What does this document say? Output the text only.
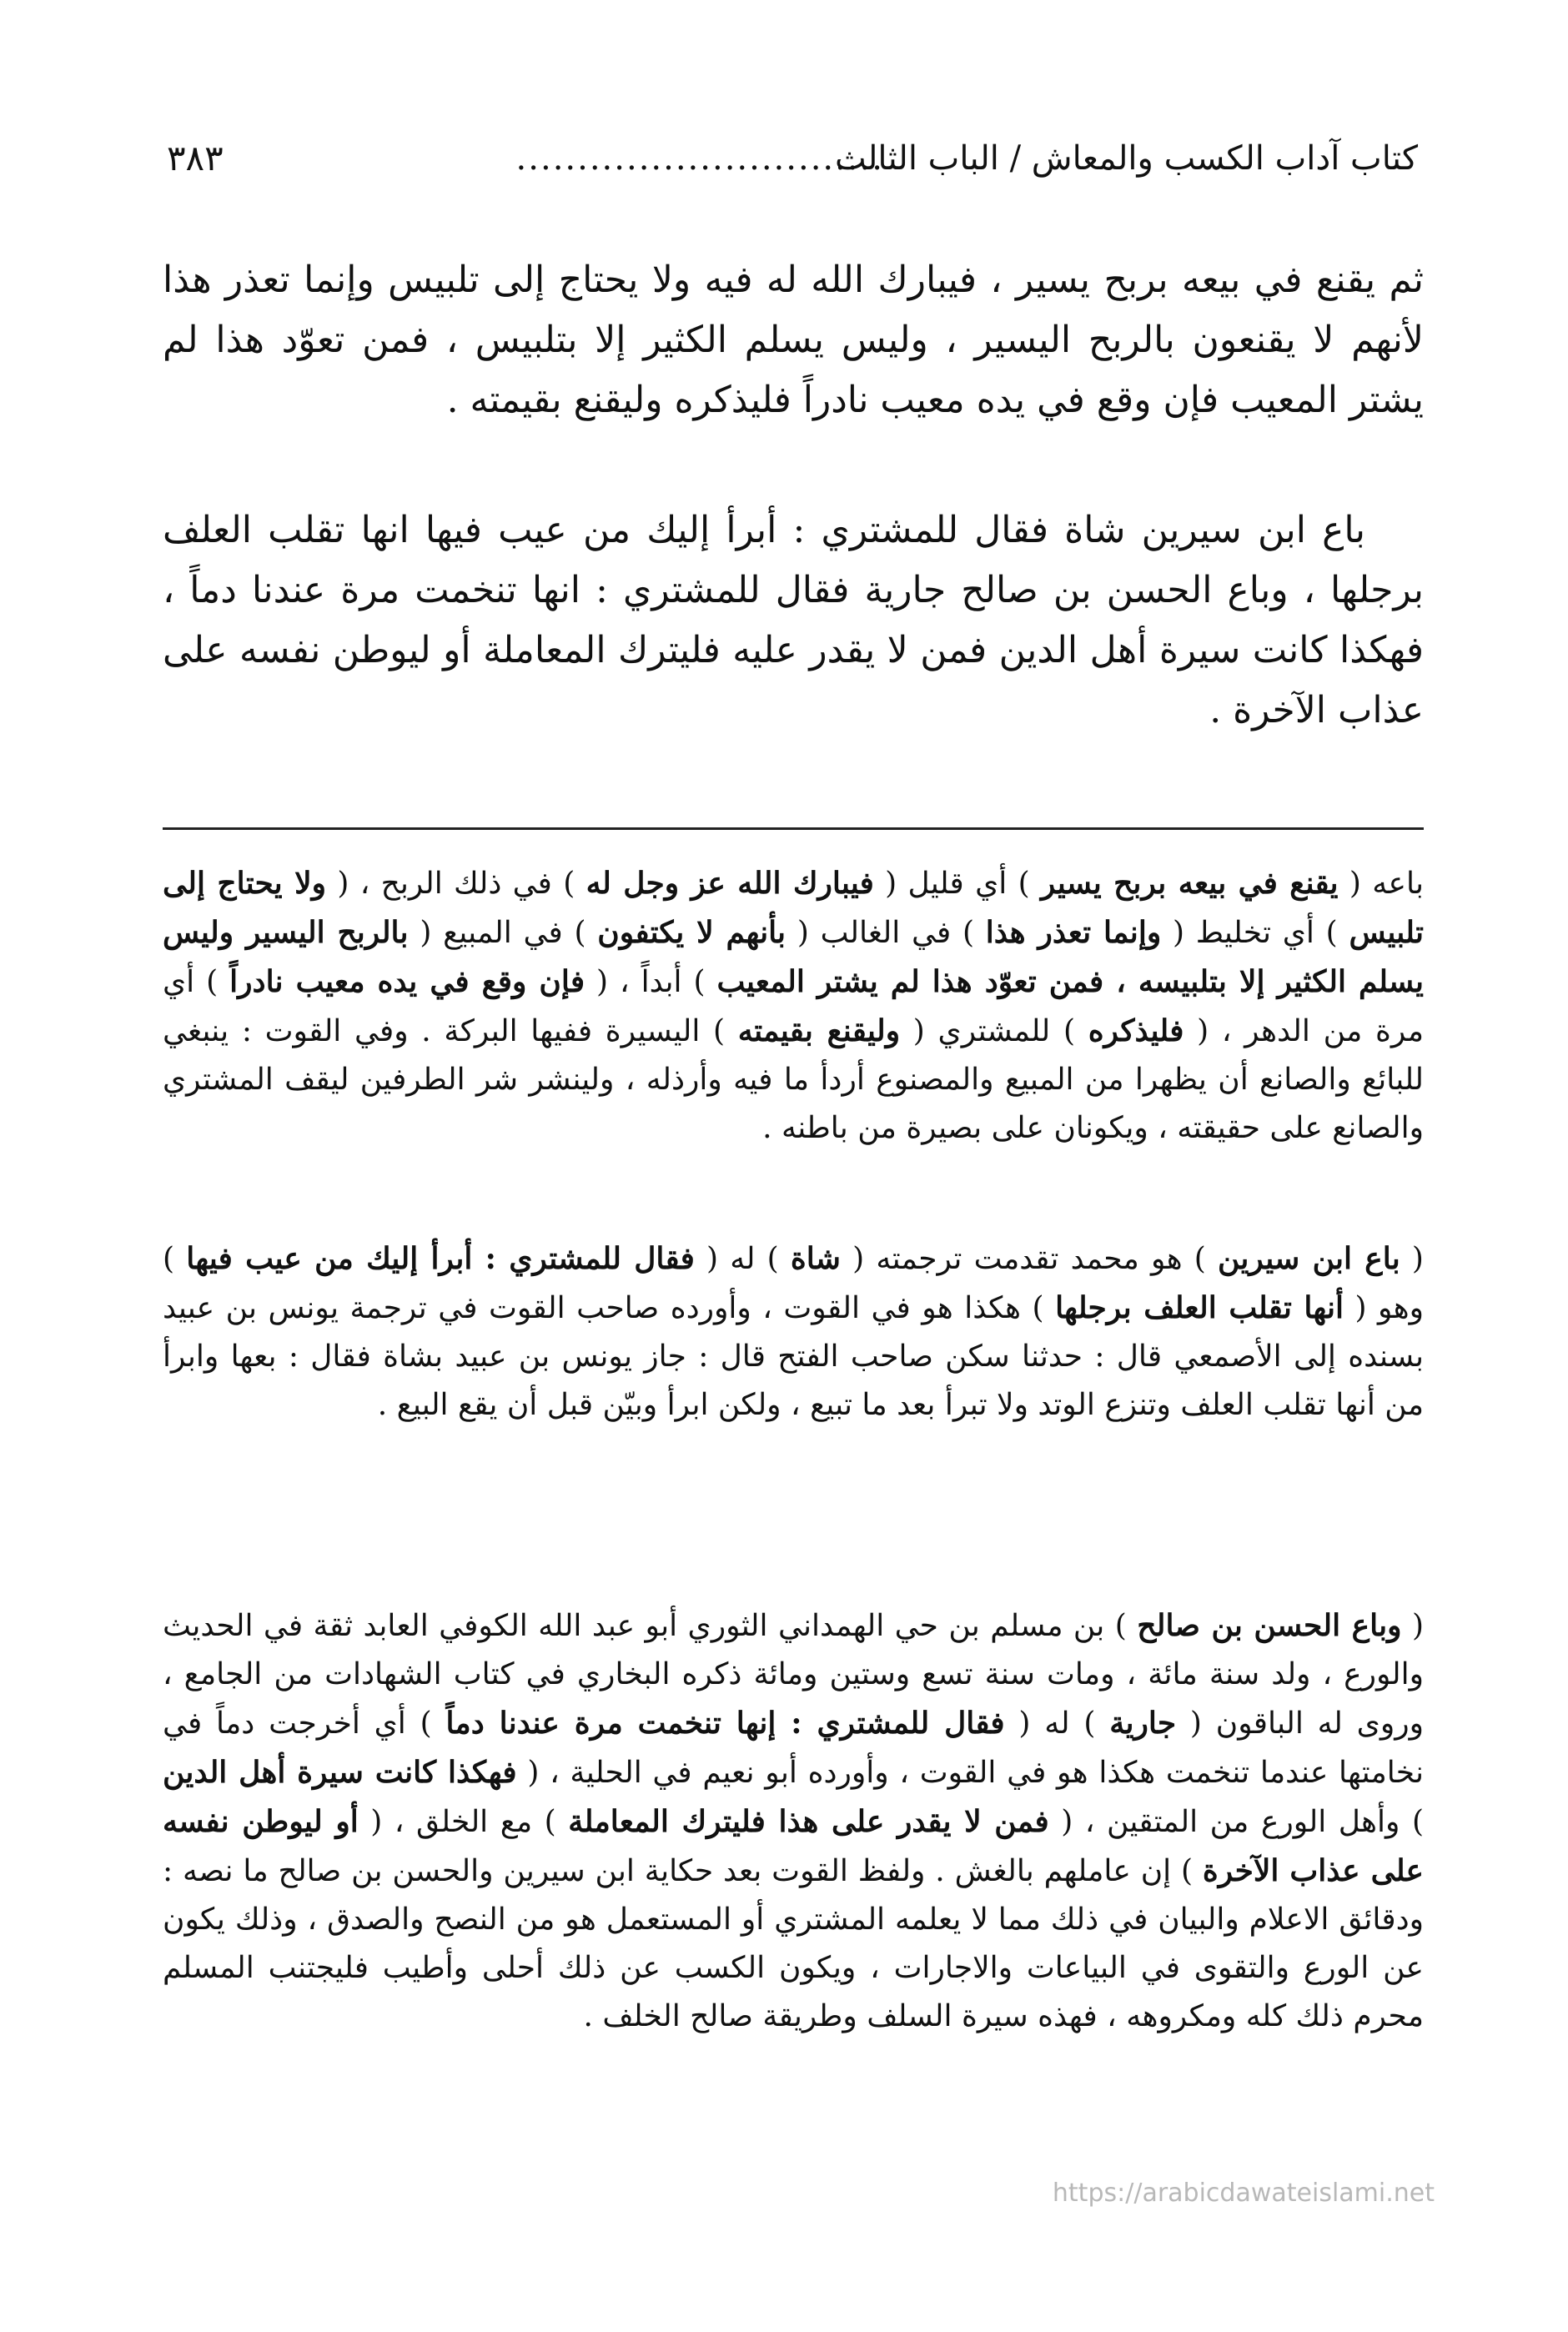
كتاب آداب الكسب والمعاش / الباب الثالث
..............................
٣٨٣

ثم يقنع في بيعه بربح يسير ، فيبارك الله له فيه ولا يحتاج إلى تلبيس وإنما تعذر هذا لأنهم لا يقنعون بالربح اليسير ، وليس يسلم الكثير إلا بتلبيس ، فمن تعوّد هذا لم يشتر المعيب فإن وقع في يده معيب نادراً فليذكره وليقنع بقيمته .

باع ابن سيرين شاة فقال للمشتري : أبرأ إليك من عيب فيها انها تقلب العلف برجلها ، وباع الحسن بن صالح جارية فقال للمشتري : انها تنخمت مرة عندنا دماً ، فهكذا كانت سيرة أهل الدين فمن لا يقدر عليه فليترك المعاملة أو ليوطن نفسه على عذاب الآخرة .

باعه ( يقنع في بيعه بربح يسير ) أي قليل ( فيبارك الله عز وجل له ) في ذلك الربح ، ( ولا يحتاج إلى تلبيس ) أي تخليط ( وإنما تعذر هذا ) في الغالب ( بأنهم لا يكتفون ) في المبيع ( بالربح اليسير وليس يسلم الكثير إلا بتلبيسه ، فمن تعوّد هذا لم يشتر المعيب ) أبداً ، ( فإن وقع في يده معيب نادراً ) أي مرة من الدهر ، ( فليذكره ) للمشتري ( وليقنع بقيمته ) اليسيرة ففيها البركة . وفي القوت : ينبغي للبائع والصانع أن يظهرا من المبيع والمصنوع أردأ ما فيه وأرذله ، ولينشر شر الطرفين ليقف المشتري والصانع على حقيقته ، ويكونان على بصيرة من باطنه .

( باع ابن سيرين ) هو محمد تقدمت ترجمته ( شاة ) له ( فقال للمشتري : أبرأ إليك من عيب فيها ) وهو ( أنها تقلب العلف برجلها ) هكذا هو في القوت ، وأورده صاحب القوت في ترجمة يونس بن عبيد بسنده إلى الأصمعي قال : حدثنا سكن صاحب الفتح قال : جاز يونس بن عبيد بشاة فقال : بعها وابرأ من أنها تقلب العلف وتنزع الوتد ولا تبرأ بعد ما تبيع ، ولكن ابرأ وبيّن قبل أن يقع البيع .

( وباع الحسن بن صالح ) بن مسلم بن حي الهمداني الثوري أبو عبد الله الكوفي العابد ثقة في الحديث والورع ، ولد سنة مائة ، ومات سنة تسع وستين ومائة ذكره البخاري في كتاب الشهادات من الجامع ، وروى له الباقون ( جارية ) له ( فقال للمشتري : إنها تنخمت مرة عندنا دماً ) أي أخرجت دماً في نخامتها عندما تنخمت هكذا هو في القوت ، وأورده أبو نعيم في الحلية ، ( فهكذا كانت سيرة أهل الدين ) وأهل الورع من المتقين ، ( فمن لا يقدر على هذا فليترك المعاملة ) مع الخلق ، ( أو ليوطن نفسه على عذاب الآخرة ) إن عاملهم بالغش . ولفظ القوت بعد حكاية ابن سيرين والحسن بن صالح ما نصه : ودقائق الاعلام والبيان في ذلك مما لا يعلمه المشتري أو المستعمل هو من النصح والصدق ، وذلك يكون عن الورع والتقوى في البياعات والاجارات ، ويكون الكسب عن ذلك أحلى وأطيب فليجتنب المسلم محرم ذلك كله ومكروهه ، فهذه سيرة السلف وطريقة صالح الخلف .

https://arabicdawateislami.net
